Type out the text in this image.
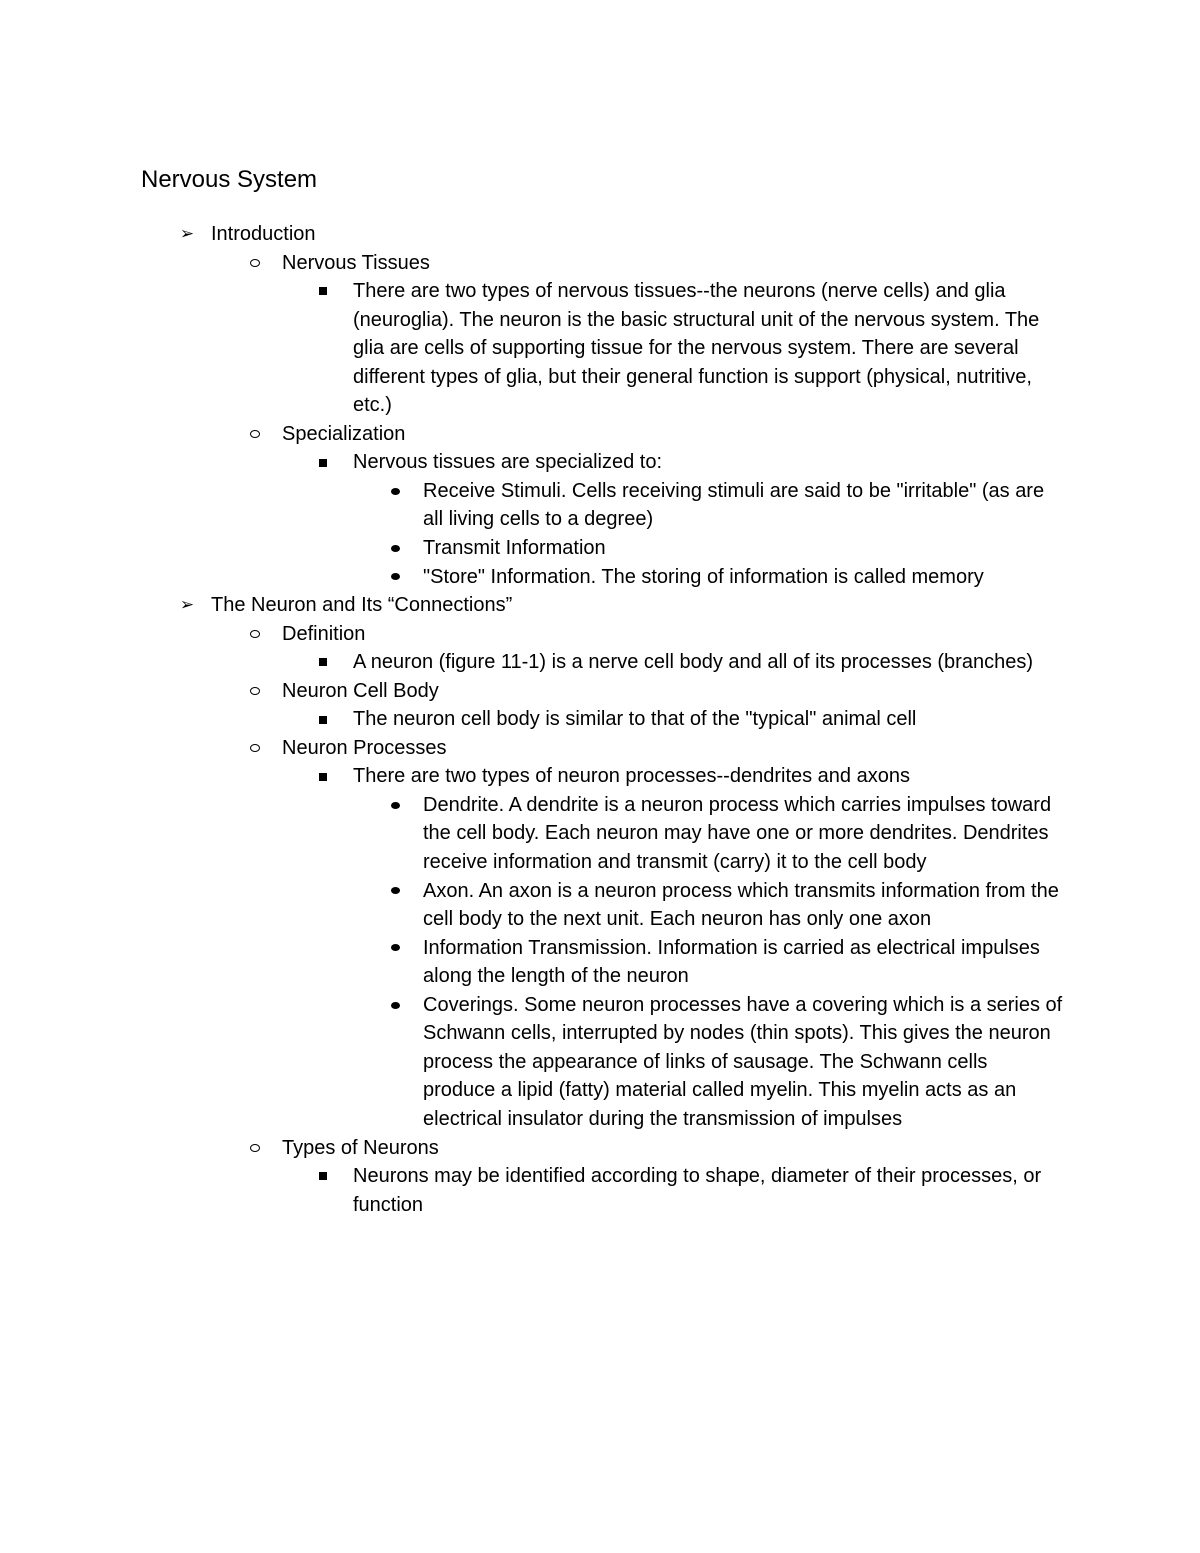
Nervous System
➢ Introduction
Nervous Tissues
There are two types of nervous tissues--the neurons (nerve cells) and glia (neuroglia). The neuron is the basic structural unit of the nervous system. The glia are cells of supporting tissue for the nervous system. There are several different types of glia, but their general function is support (physical, nutritive, etc.)
Specialization
Nervous tissues are specialized to:
Receive Stimuli. Cells receiving stimuli are said to be "irritable" (as are all living cells to a degree)
Transmit Information
"Store" Information. The storing of information is called memory
➢ The Neuron and Its “Connections”
Definition
A neuron (figure 11-1) is a nerve cell body and all of its processes (branches)
Neuron Cell Body
The neuron cell body is similar to that of the "typical" animal cell
Neuron Processes
There are two types of neuron processes--dendrites and axons
Dendrite. A dendrite is a neuron process which carries impulses toward the cell body. Each neuron may have one or more dendrites. Dendrites receive information and transmit (carry) it to the cell body
Axon. An axon is a neuron process which transmits information from the cell body to the next unit. Each neuron has only one axon
Information Transmission. Information is carried as electrical impulses along the length of the neuron
Coverings. Some neuron processes have a covering which is a series of Schwann cells, interrupted by nodes (thin spots). This gives the neuron process the appearance of links of sausage. The Schwann cells produce a lipid (fatty) material called myelin. This myelin acts as an electrical insulator during the transmission of impulses
Types of Neurons
Neurons may be identified according to shape, diameter of their processes, or function
